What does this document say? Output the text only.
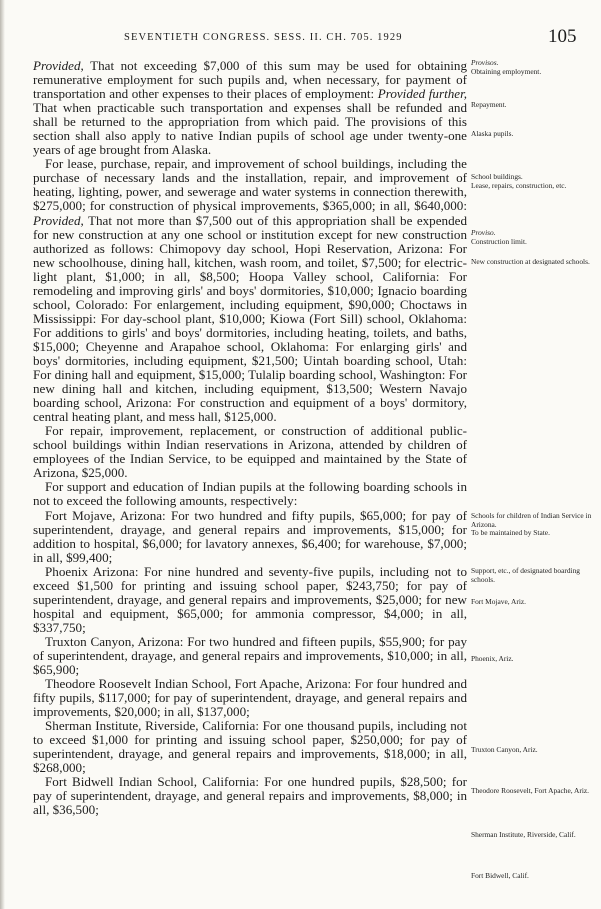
SEVENTIETH CONGRESS. SESS. II. CH. 705. 1929	105

Provided, That not exceeding $7,000 of this sum may be used for obtaining remunerative employment for such pupils and, when necessary, for payment of transportation and other expenses to their places of employment: Provided further, That when practicable such transportation and expenses shall be refunded and shall be returned to the appropriation from which paid. The provisions of this section shall also apply to native Indian pupils of school age under twenty-one years of age brought from Alaska.

For lease, purchase, repair, and improvement of school buildings, including the purchase of necessary lands and the installation, repair, and improvement of heating, lighting, power, and sewerage and water systems in connection therewith, $275,000; for construction of physical improvements, $365,000; in all, $640,000: Provided, That not more than $7,500 out of this appropriation shall be expended for new construction at any one school or institution except for new construction authorized as follows: Chimopovy day school, Hopi Reservation, Arizona: For new schoolhouse, dining hall, kitchen, wash room, and toilet, $7,500; for electric-light plant, $1,000; in all, $8,500; Hoopa Valley school, California: For remodeling and improving girls' and boys' dormitories, $10,000; Ignacio boarding school, Colorado: For enlargement, including equipment, $90,000; Choctaws in Mississippi: For day-school plant, $10,000; Kiowa (Fort Sill) school, Oklahoma: For additions to girls' and boys' dormitories, including heating, toilets, and baths, $15,000; Cheyenne and Arapahoe school, Oklahoma: For enlarging girls' and boys' dormitories, including equipment, $21,500; Uintah boarding school, Utah: For dining hall and equipment, $15,000; Tulalip boarding school, Washington: For new dining hall and kitchen, including equipment, $13,500; Western Navajo boarding school, Arizona: For construction and equipment of a boys' dormitory, central heating plant, and mess hall, $125,000.

For repair, improvement, replacement, or construction of additional public-school buildings within Indian reservations in Arizona, attended by children of employees of the Indian Service, to be equipped and maintained by the State of Arizona, $25,000.

For support and education of Indian pupils at the following boarding schools in not to exceed the following amounts, respectively:

Fort Mojave, Arizona: For two hundred and fifty pupils, $65,000; for pay of superintendent, drayage, and general repairs and improvements, $15,000; for addition to hospital, $6,000; for lavatory annexes, $6,400; for warehouse, $7,000; in all, $99,400;

Phoenix Arizona: For nine hundred and seventy-five pupils, including not to exceed $1,500 for printing and issuing school paper, $243,750; for pay of superintendent, drayage, and general repairs and improvements, $25,000; for new hospital and equipment, $65,000; for ammonia compressor, $4,000; in all, $337,750;

Truxton Canyon, Arizona: For two hundred and fifteen pupils, $55,900; for pay of superintendent, drayage, and general repairs and improvements, $10,000; in all, $65,900;

Theodore Roosevelt Indian School, Fort Apache, Arizona: For four hundred and fifty pupils, $117,000; for pay of superintendent, drayage, and general repairs and improvements, $20,000; in all, $137,000;

Sherman Institute, Riverside, California: For one thousand pupils, including not to exceed $1,000 for printing and issuing school paper, $250,000; for pay of superintendent, drayage, and general repairs and improvements, $18,000; in all, $268,000;

Fort Bidwell Indian School, California: For one hundred pupils, $28,500; for pay of superintendent, drayage, and general repairs and improvements, $8,000; in all, $36,500;

Provisos.
Obtaining employment.
Repayment.
Alaska pupils.
School buildings.
Lease, repairs, construction, etc.
Proviso.
Construction limit.
New construction at designated schools.
Schools for children of Indian Service in Arizona.
To be maintained by State.
Support, etc., of designated boarding schools.
Fort Mojave, Ariz.
Phoenix, Ariz.
Truxton Canyon, Ariz.
Theodore Roosevelt, Fort Apache, Ariz.
Sherman Institute, Riverside, Calif.
Fort Bidwell, Calif.
